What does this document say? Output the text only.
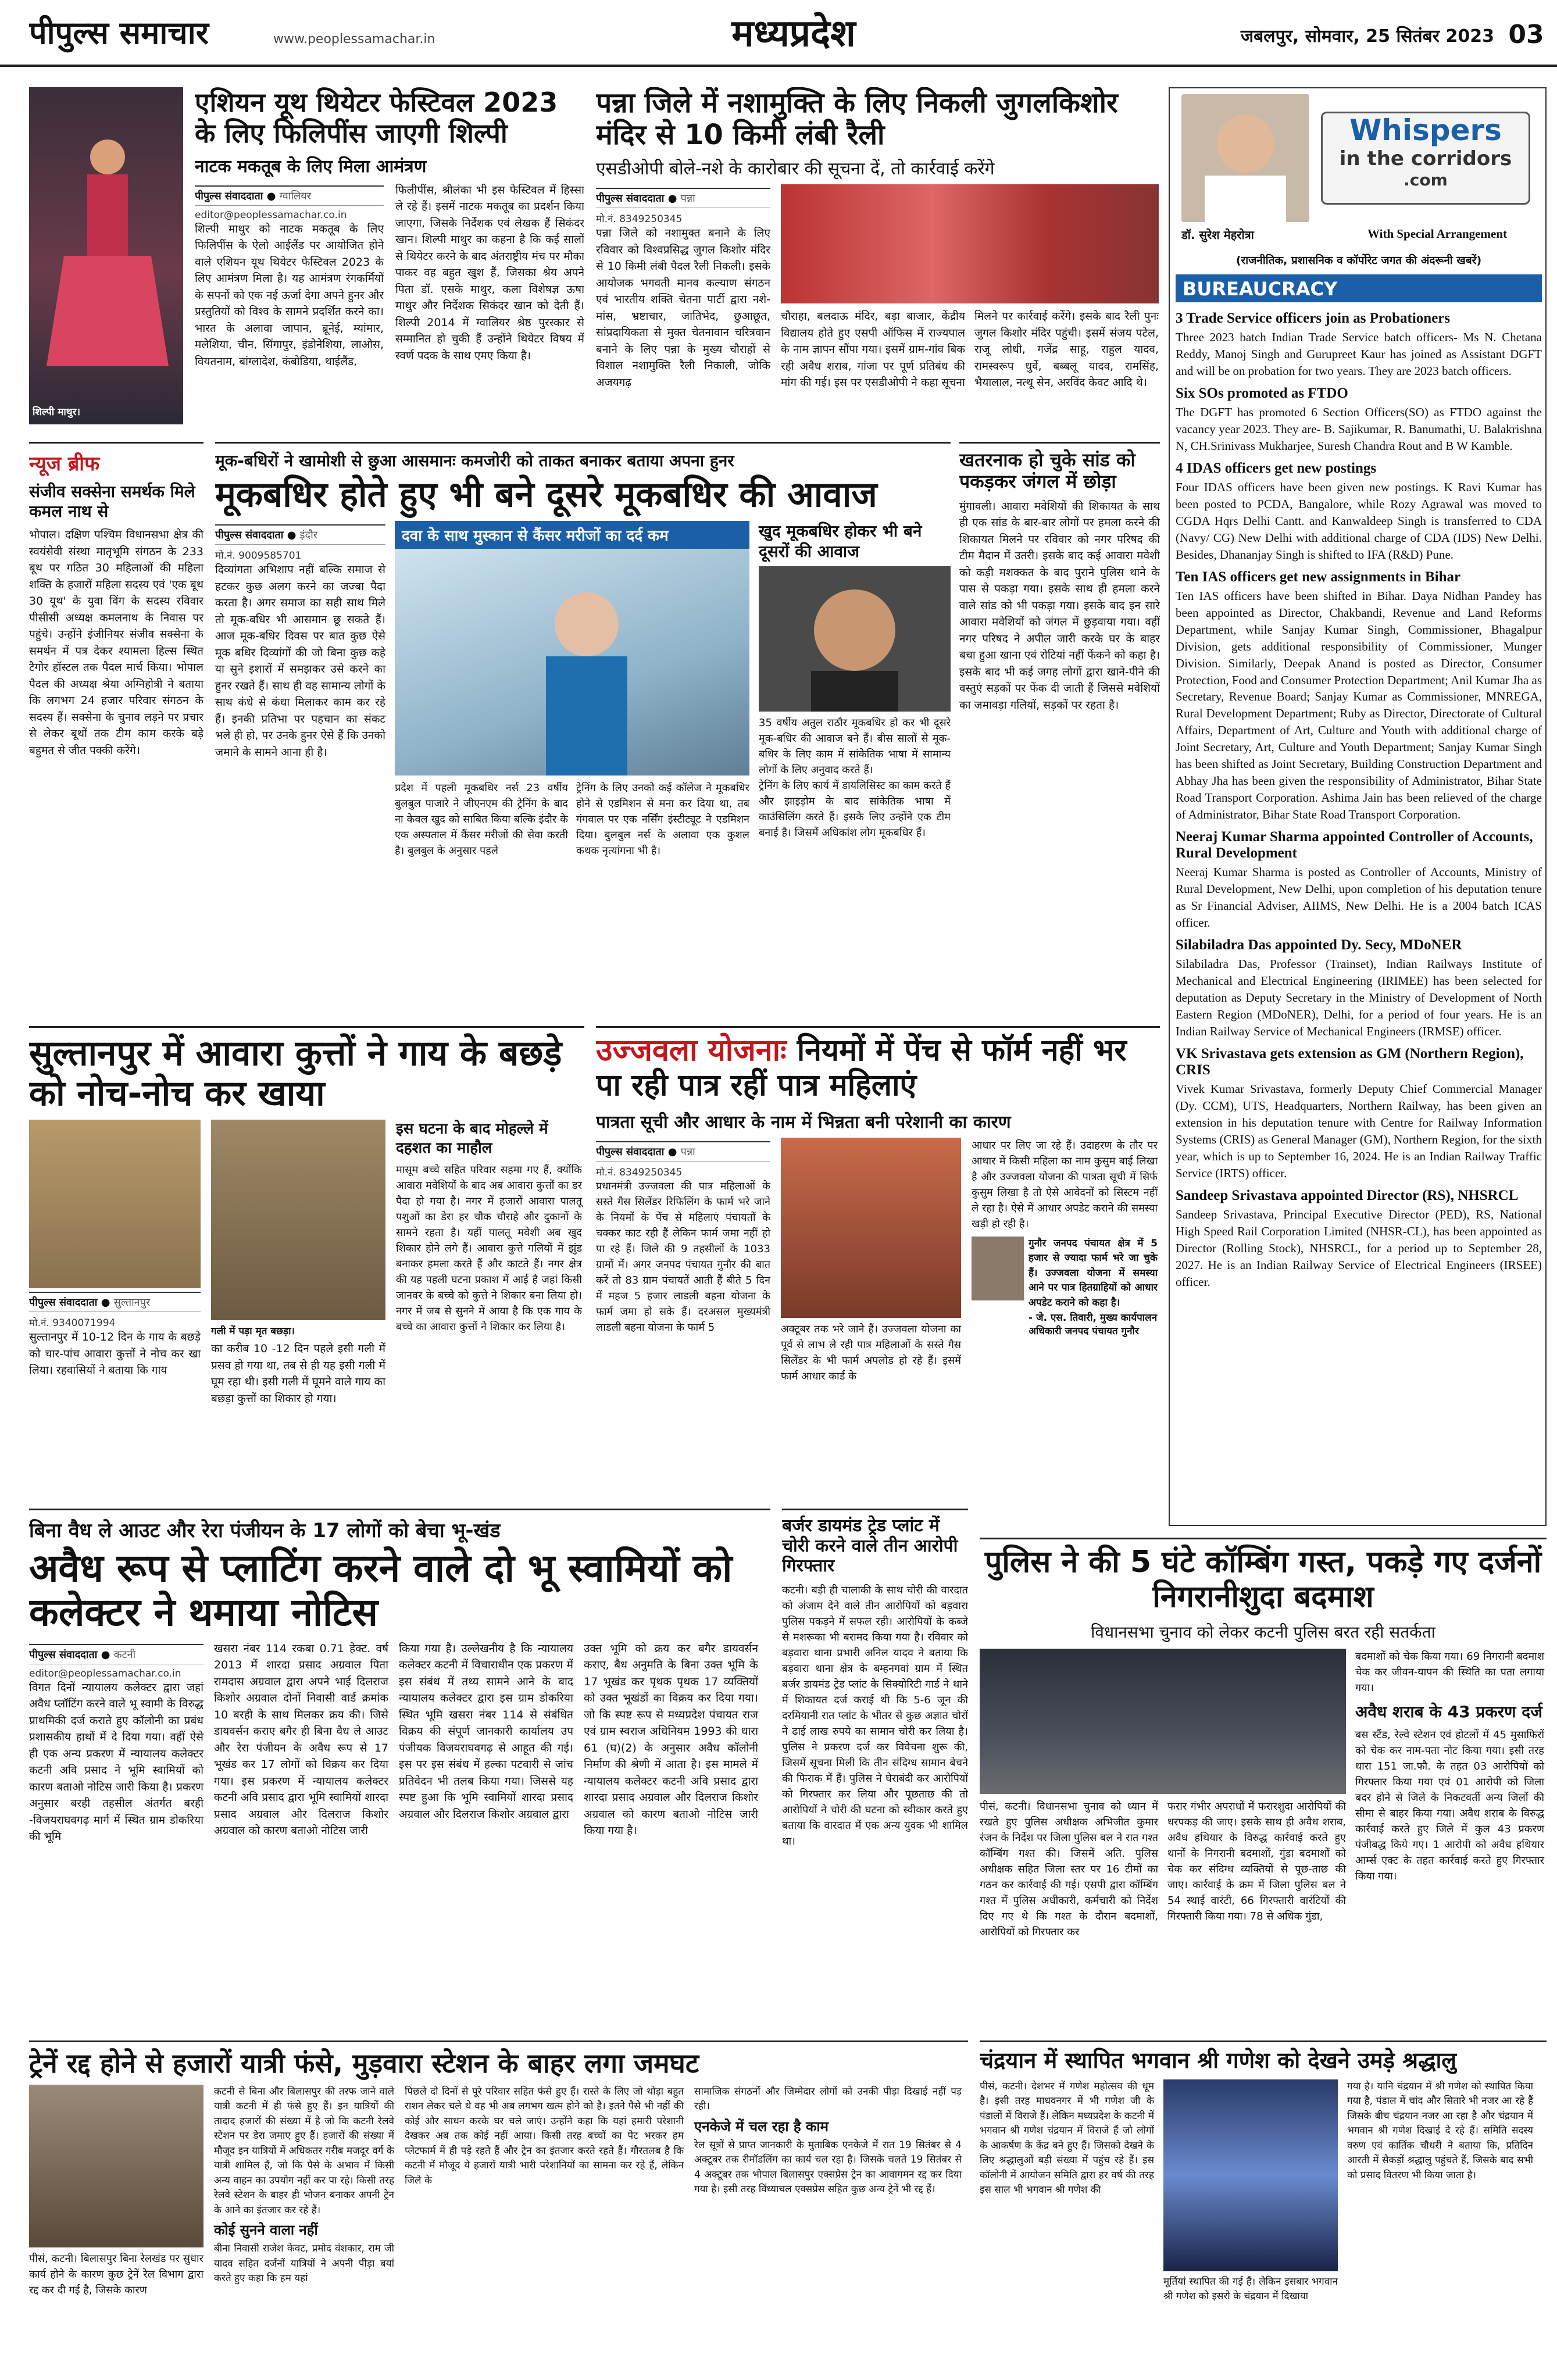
पीपुल्स समाचार	www.peoplessamachar.in	मध्यप्रदेश	जबलपुर, सोमवार, 25 सितंबर 2023 03
शिल्पी माथुर।
एशियन यूथ थियेटर फेस्टिवल 2023 के लिए फिलिपींस जाएगी शिल्पी
नाटक मकतूब के लिए मिला आमंत्रण
पीपुल्स संवाददाता ● ग्वालियर
editor@peoplessamachar.co.in

शिल्पी माथुर को नाटक मकतूब के लिए फिलिपींस के ऐलो आईलैंड पर आयोजित होने वाले एशियन यूथ थियेटर फेस्टिवल 2023 के लिए आमंत्रण मिला है। यह आमंत्रण रंगकर्मियों के सपनों को एक नई ऊर्जा देगा अपने हुनर और प्रस्तुतियों को विश्व के सामने प्रदर्शित करने का। भारत के अलावा जापान, ब्रूनेई, म्यांमार, मलेशिया, चीन, सिंगापुर, इंडोनेशिया, लाओस, वियतनाम, बांग्लादेश, कंबोडिया, थाईलैंड,

फिलीपींस, श्रीलंका भी इस फेस्टिवल में हिस्सा ले रहे हैं। इसमें नाटक मकतूब का प्रदर्शन किया जाएगा, जिसके निर्देशक एवं लेखक हैं सिकंदर खान। शिल्पी माथुर का कहना है कि कई सालों से थियेटर करने के बाद अंतराष्ट्रीय मंच पर मौका पाकर वह बहुत खुश हैं, जिसका श्रेय अपने पिता डॉ. एसके माथुर, कला विशेषज्ञ ऊषा माथुर और निर्देशक सिकंदर खान को देती हैं। शिल्पी 2014 में ग्वालियर श्रेष्ठ पुरस्कार से सम्मानित हो चुकी हैं उन्होंने थियेटर विषय में स्वर्ण पदक के साथ एमए किया है।

पन्ना जिले में नशामुक्ति के लिए निकली जुगलकिशोर मंदिर से 10 किमी लंबी रैली
एसडीओपी बोले-नशे के कारोबार की सूचना दें, तो कार्रवाई करेंगे
पीपुल्स संवाददाता ● पन्ना
मो.नं. 8349250345

पन्ना जिले को नशामुक्त बनाने के लिए रविवार को विश्वप्रसिद्ध जुगल किशोर मंदिर से 10 किमी लंबी पैदल रैली निकली। इसके आयोजक भगवती मानव कल्याण संगठन एवं भारतीय शक्ति चेतना पार्टी द्वारा नशे-मांस, भ्रष्टाचार, जातिभेद, छुआछूत, सांप्रदायिकता से मुक्त चेतनावान चरित्रवान बनाने के लिए पन्ना के मुख्य चौराहों से विशाल नशामुक्ति रैली निकाली, जोकि अजयगढ़

चौराहा, बलदाऊ मंदिर, बड़ा बाजार, केंद्रीय विद्यालय होते हुए एसपी ऑफिस में राज्यपाल के नाम ज्ञापन सौंपा गया। इसमें ग्राम-गांव बिक रही अवैध शराब, गांजा पर पूर्ण प्रतिबंध की मांग की गई। इस पर एसडीओपी ने कहा सूचना

मिलने पर कार्रवाई करेंगे। इसके बाद रैली पुनः जुगल किशोर मंदिर पहुंची। इसमें संजय पटेल, राजू लोधी, गजेंद्र साहू, राहुल यादव, रामस्वरूप धुर्वे, बब्बलू यादव, रामसिंह, भैयालाल, नत्थू सेन, अरविंद केवट आदि थे।

Whispers
in the corridors
.com
डॉ. सुरेश मेहरोत्रा	With Special Arrangement
(राजनीतिक, प्रशासनिक व कॉर्पोरेट जगत की अंदरूनी खबरें)
BUREAUCRACY
3 Trade Service officers join as Probationers

Three 2023 batch Indian Trade Service batch officers- Ms N. Chetana Reddy, Manoj Singh and Gurupreet Kaur has joined as Assistant DGFT and will be on probation for two years. They are 2023 batch officers.

Six SOs promoted as FTDO

The DGFT has promoted 6 Section Officers(SO) as FTDO against the vacancy year 2023. They are- B. Sajikumar, R. Banumathi, U. Balakrishna N, CH.Srinivass Mukharjee, Suresh Chandra Rout and B W Kamble.

4 IDAS officers get new postings

Four IDAS officers have been given new postings. K Ravi Kumar has been posted to PCDA, Bangalore, while Rozy Agrawal was moved to CGDA Hqrs Delhi Cantt. and Kanwaldeep Singh is transferred to CDA (Navy/ CG) New Delhi with additional charge of CDA (IDS) New Delhi. Besides, Dhananjay Singh is shifted to IFA (R&D) Pune.

Ten IAS officers get new assignments in Bihar

Ten IAS officers have been shifted in Bihar. Daya Nidhan Pandey has been appointed as Director, Chakbandi, Revenue and Land Reforms Department, while Sanjay Kumar Singh, Commissioner, Bhagalpur Division, gets additional responsibility of Commissioner, Munger Division. Similarly, Deepak Anand is posted as Director, Consumer Protection, Food and Consumer Protection Department; Anil Kumar Jha as Secretary, Revenue Board; Sanjay Kumar as Commissioner, MNREGA, Rural Development Department; Ruby as Director, Directorate of Cultural Affairs, Department of Art, Culture and Youth with additional charge of Joint Secretary, Art, Culture and Youth Department; Sanjay Kumar Singh has been shifted as Joint Secretary, Building Construction Department and Abhay Jha has been given the responsibility of Administrator, Bihar State Road Transport Corporation. Ashima Jain has been relieved of the charge of Administrator, Bihar State Road Transport Corporation.

Neeraj Kumar Sharma appointed Controller of Accounts, Rural Development

Neeraj Kumar Sharma is posted as Controller of Accounts, Ministry of Rural Development, New Delhi, upon completion of his deputation tenure as Sr Financial Adviser, AIIMS, New Delhi. He is a 2004 batch ICAS officer.

Silabiladra Das appointed Dy. Secy, MDoNER

Silabiladra Das, Professor (Trainset), Indian Railways Institute of Mechanical and Electrical Engineering (IRIMEE) has been selected for deputation as Deputy Secretary in the Ministry of Development of North Eastern Region (MDoNER), Delhi, for a period of four years. He is an Indian Railway Service of Mechanical Engineers (IRMSE) officer.

VK Srivastava gets extension as GM (Northern Region), CRIS

Vivek Kumar Srivastava, formerly Deputy Chief Commercial Manager (Dy. CCM), UTS, Headquarters, Northern Railway, has been given an extension in his deputation tenure with Centre for Railway Information Systems (CRIS) as General Manager (GM), Northern Region, for the sixth year, which is up to September 16, 2024. He is an Indian Railway Traffic Service (IRTS) officer.

Sandeep Srivastava appointed Director (RS), NHSRCL

Sandeep Srivastava, Principal Executive Director (PED), RS, National High Speed Rail Corporation Limited (NHSR-CL), has been appointed as Director (Rolling Stock), NHSRCL, for a period up to September 28, 2027. He is an Indian Railway Service of Electrical Engineers (IRSEE) officer.

न्यूज ब्रीफ
संजीव सक्सेना समर्थक मिले कमल नाथ से

भोपाल। दक्षिण पश्चिम विधानसभा क्षेत्र की स्वयंसेवी संस्था मातृभूमि संगठन के 233 बूथ पर गठित 30 महिलाओं की महिला शक्ति के हजारों महिला सदस्य एवं 'एक बूथ 30 यूथ' के युवा विंग के सदस्य रविवार पीसीसी अध्यक्ष कमलनाथ के निवास पर पहुंचे। उन्होंने इंजीनियर संजीव सक्सेना के समर्थन में पत्र देकर श्यामला हिल्स स्थित टैगोर हॉस्टल तक पैदल मार्च किया। भोपाल पैदल की अध्यक्ष श्रेया अग्निहोत्री ने बताया कि लगभग 24 हजार परिवार संगठन के सदस्य हैं। सक्सेना के चुनाव लड़ने पर प्रचार से लेकर बूथों तक टीम काम करके बड़े बहुमत से जीत पक्की करेंगे।

मूक-बधिरों ने खामोशी से छुआ आसमानः कमजोरी को ताकत बनाकर बताया अपना हुनर
मूकबधिर होते हुए भी बने दूसरे मूकबधिर की आवाज
पीपुल्स संवाददाता ● इंदौर
मो.नं. 9009585701

दिव्यांगता अभिशाप नहीं बल्कि समाज से हटकर कुछ अलग करने का जज्बा पैदा करता है। अगर समाज का सही साथ मिले तो मूक-बधिर भी आसमान छू सकते हैं। आज मूक-बधिर दिवस पर बात कुछ ऐसे मूक बधिर दिव्यांगों की जो बिना कुछ कहे या सुने इशारों में समझकर उसे करने का हुनर रखते हैं। साथ ही वह सामान्य लोगों के साथ कंधे से कंधा मिलाकर काम कर रहे हैं। इनकी प्रतिभा पर पहचान का संकट भले ही हो, पर उनके हुनर ऐसे हैं कि उनको जमाने के सामने आना ही है।

दवा के साथ मुस्कान से कैंसर मरीजों का दर्द कम

प्रदेश में पहली मूकबधिर नर्स 23 वर्षीय बुलबुल पाजारे ने जीएनएम की ट्रेनिंग के बाद ना केवल खुद को साबित किया बल्कि इंदौर के एक अस्पताल में कैंसर मरीजों की सेवा करती है। बुलबुल के अनुसार पहले

ट्रेनिंग के लिए उनको कई कॉलेज ने मूकबधिर होने से एडमिशन से मना कर दिया था, तब गंगवाल पर एक नर्सिंग इंस्टीट्यूट ने एडमिशन दिया। बुलबुल नर्स के अलावा एक कुशल कथक नृत्यांगना भी है।

खुद मूकबधिर होकर भी बने दूसरों की आवाज

35 वर्षीय अतुल राठौर मूकबधिर हो कर भी दूसरे मूक-बधिर की आवाज बने हैं। बीस सालों से मूक-बधिर के लिए काम में सांकेतिक भाषा में सामान्य लोगों के लिए अनुवाद करते हैं।

ट्रेनिंग के लिए कार्य में डायलिसिस्ट का काम करते हैं और झाइड़ोम के बाद सांकेतिक भाषा में काउंसिलिंग करते हैं। इसके लिए उन्होंने एक टीम बनाई है। जिसमें अधिकांश लोग मूकबधिर हैं।

खतरनाक हो चुके सांड को पकड़कर जंगल में छोड़ा

मुंगावली। आवारा मवेशियों की शिकायत के साथ ही एक सांड के बार-बार लोगों पर हमला करने की शिकायत मिलने पर रविवार को नगर परिषद की टीम मैदान में उतरी। इसके बाद कई आवारा मवेशी को कड़ी मशक्कत के बाद पुराने पुलिस थाने के पास से पकड़ा गया। इसके साथ ही हमला करने वाले सांड को भी पकड़ा गया। इसके बाद इन सारे आवारा मवेशियों को जंगल में छुड़वाया गया। वहीं नगर परिषद ने अपील जारी करके घर के बाहर बचा हुआ खाना एवं रोटियां नहीं फेंकने को कहा है। इसके बाद भी कई जगह लोगों द्वारा खाने-पीने की वस्तुएं सड़कों पर फेंक दी जाती हैं जिससे मवेशियों का जमावड़ा गलियों, सड़कों पर रहता है।

सुल्तानपुर में आवारा कुत्तों ने गाय के बछड़े को नोच-नोच कर खाया
पीपुल्स संवाददाता ● सुल्तानपुर
मो.नं. 9340071994

सुल्तानपुर में 10-12 दिन के गाय के बछड़े को चार-पांच आवारा कुत्तों ने नोच कर खा लिया। रहवासियों ने बताया कि गाय

गली में पड़ा मृत बछड़ा।

का करीब 10 -12 दिन पहले इसी गली में प्रसव हो गया था, तब से ही यह इसी गली में घूम रहा थी। इसी गली में घूमने वाले गाय का बछड़ा कुत्तों का शिकार हो गया।

इस घटना के बाद मोहल्ले में दहशत का माहौल

मासूम बच्चे सहित परिवार सहमा गए हैं, क्योंकि आवारा मवेशियों के बाद अब आवारा कुत्तों का डर पैदा हो गया है। नगर में हजारों आवारा पालतू पशुओं का डेरा हर चौक चौराहे और दुकानों के सामने रहता है। यहीं पालतू मवेशी अब खुद शिकार होने लगे हैं। आवारा कुत्ते गलियों में झुंड बनाकर हमला करते हैं और काटते हैं। नगर क्षेत्र की यह पहली घटना प्रकाश में आई है जहां किसी जानवर के बच्चे को कुत्ते ने शिकार बना लिया हो। नगर में जब से सुनने में आया है कि एक गाय के बच्चे का आवारा कुत्तों ने शिकार कर लिया है।

उज्जवला योजनाः नियमों में पेंच से फॉर्म नहीं भर पा रही पात्र रहीं पात्र महिलाएं
पात्रता सूची और आधार के नाम में भिन्नता बनी परेशानी का कारण
पीपुल्स संवाददाता ● पन्ना
मो.नं. 8349250345

प्रधानमंत्री उज्जवला की पात्र महिलाओं के सस्ते गैस सिलेंडर रिफिलिंग के फार्म भरे जाने के नियमों के पेंच से महिलाएं पंचायतों के चक्कर काट रही हैं लेकिन फार्म जमा नहीं हो पा रहे हैं। जिले की 9 तहसीलों के 1033 ग्रामों में। अगर जनपद पंचायत गुनौर की बात करें तो 83 ग्राम पंचायतें आती हैं बीते 5 दिन में महज 5 हजार लाडली बहना योजना के फार्म जमा हो सके हैं। दरअसल मुख्यमंत्री लाडली बहना योजना के फार्म 5	अक्टूबर तक भरे जाने हैं। उज्जवला योजना का पूर्व से लाभ ले रही पात्र महिलाओं के सस्ते गैस सिलेंडर के भी फार्म अपलोड हो रहे हैं। इसमें फार्म आधार कार्ड के

आधार पर लिए जा रहे हैं। उदाहरण के तौर पर आधार में किसी महिला का नाम कुसुम बाई लिखा है और उज्जवला योजना की पात्रता सूची में सिर्फ कुसुम लिखा है तो ऐसे आवेदनों को सिस्टम नहीं ले रहा है। ऐसे में आधार अपडेट कराने की समस्या खड़ी हो रही है।

गुनौर जनपद पंचायत क्षेत्र में 5 हजार से ज्यादा फार्म भरे जा चुके हैं। उज्जवला योजना में समस्या आने पर पात्र हितग्राहियों को आधार अपडेट कराने को कहा है।

- जे. एस. तिवारी, मुख्य कार्यपालन अधिकारी जनपद पंचायत गुनौर
बिना वैध ले आउट और रेरा पंजीयन के 17 लोगों को बेचा भू-खंड
अवैध रूप से प्लाटिंग करने वाले दो भू स्वामियों को कलेक्टर ने थमाया नोटिस
पीपुल्स संवाददाता ● कटनी
editor@peoplessamachar.co.in

विगत दिनों न्यायालय कलेक्टर द्वारा जहां अवैध प्लॉटिंग करने वाले भू स्वामी के विरुद्ध प्राथमिकी दर्ज कराते हुए कॉलोनी का प्रबंध प्रशासकीय हाथों में दे दिया गया। वहीं ऐसे ही एक अन्य प्रकरण में न्यायालय कलेक्टर कटनी अवि प्रसाद ने भूमि स्वामियों को कारण बताओ नोटिस जारी किया है। प्रकरण अनुसार बरही तहसील अंतर्गत बरही -विजयराघवगढ़ मार्ग में स्थित ग्राम डोकरिया की भूमि

खसरा नंबर 114 रकबा 0.71 हेक्ट. वर्ष 2013 में शारदा प्रसाद अग्रवाल पिता रामदास अग्रवाल द्वारा अपने भाई दिलराज किशोर अग्रवाल दोनों निवासी वार्ड क्रमांक 10 बरही के साथ मिलकर क्रय की। जिसे डायवर्सन कराए बगैर ही बिना वैध ले आउट और रेरा पंजीयन के अवैध रूप से 17 भूखंड कर 17 लोगों को विक्रय कर दिया गया। इस प्रकरण में न्यायालय कलेक्टर कटनी अवि प्रसाद द्वारा भूमि स्वामियों शारदा प्रसाद अग्रवाल और दिलराज किशोर अग्रवाल को कारण बताओ नोटिस जारी

किया गया है। उल्लेखनीय है कि न्यायालय कलेक्टर कटनी में विचाराधीन एक प्रकरण में इस संबंध में तथ्य सामने आने के बाद न्यायालय कलेक्टर द्वारा इस ग्राम डोकरिया स्थित भूमि खसरा नंबर 114 से संबंधित विक्रय की संपूर्ण जानकारी कार्यालय उप पंजीयक विजयराघवगढ़ से आहूत की गई। इस पर इस संबंध में हल्का पटवारी से जांच प्रतिवेदन भी तलब किया गया। जिससे यह स्पष्ट हुआ कि भूमि स्वामियों शारदा प्रसाद अग्रवाल और दिलराज किशोर अग्रवाल द्वारा

उक्त भूमि को क्रय कर बगैर डायवर्सन कराए, बैध अनुमति के बिना उक्त भूमि के 17 भूखंड कर पृथक पृथक 17 व्यक्तियों को उक्त भूखंडों का विक्रय कर दिया गया। जो कि स्पष्ट रूप से मध्यप्रदेश पंचायत राज एवं ग्राम स्वराज अधिनियम 1993 की धारा 61 (घ)(2) के अनुसार अवैध कॉलोनी निर्माण की श्रेणी में आता है। इस मामले में न्यायालय कलेक्टर कटनी अवि प्रसाद द्वारा शारदा प्रसाद अग्रवाल और दिलराज किशोर अग्रवाल को कारण बताओ नोटिस जारी किया गया है।

बर्जर डायमंड ट्रेड प्लांट में चोरी करने वाले तीन आरोपी गिरफ्तार

कटनी। बड़ी ही चालाकी के साथ चोरी की वारदात को अंजाम देने वाले तीन आरोपियों को बड़वारा पुलिस पकड़ने में सफल रही। आरोपियों के कब्जे से मशरूका भी बरामद किया गया है। रविवार को बड़वारा थाना प्रभारी अनिल यादव ने बताया कि बड़वारा थाना क्षेत्र के बम्हनगवां ग्राम में स्थित बर्जर डायमंड ट्रेड प्लांट के सिक्योरिटी गार्ड ने थाने में शिकायत दर्ज कराई थी कि 5-6 जून की दरमियानी रात प्लांट के भीतर से कुछ अज्ञात चोरों ने ढाई लाख रुपये का सामान चोरी कर लिया है। पुलिस ने प्रकरण दर्ज कर विवेचना शुरू की, जिसमें सूचना मिली कि तीन संदिग्ध सामान बेचने की फिराक में हैं। पुलिस ने घेराबंदी कर आरोपियों को गिरफ्तार कर लिया और पूछताछ की तो आरोपियों ने चोरी की घटना को स्वीकार करते हुए बताया कि वारदात में एक अन्य युवक भी शामिल था।

पुलिस ने की 5 घंटे कॉम्बिंग गस्त, पकड़े गए दर्जनों निगरानीशुदा बदमाश
विधानसभा चुनाव को लेकर कटनी पुलिस बरत रही सतर्कता

पीसं, कटनी। विधानसभा चुनाव को ध्यान में रखते हुए पुलिस अधीक्षक अभिजीत कुमार रंजन के निर्देश पर जिला पुलिस बल ने रात गश्त कॉम्बिंग गश्त की। जिसमें अति. पुलिस अधीक्षक सहित जिला स्तर पर 16 टीमों का गठन कर कार्रवाई की गई। एसपी द्वारा कॉम्बिंग गश्त में पुलिस अधीकारी, कर्मचारी को निर्देश दिए गए थे कि गश्त के दौरान बदमाशों, आरोपियों को गिरफ्तार कर

फरार गंभीर अपराधों में फरारशुदा आरोपियों की धरपकड़ की जाए। इसके साथ ही अवैध शराब, अवैध हथियार के विरुद्ध कार्रवाई करते हुए थानों के निगरानी बदमाशों, गुंडा बदमाशों को चेक कर संदिग्ध व्यक्तियों से पूछ-ताछ की जाए। कार्रवाई के क्रम में जिला पुलिस बल ने 54 स्थाई वारंटी, 66 गिरफ्तारी वारंटियों की गिरफ्तारी किया गया। 78 से अधिक गुंडा,

बदमाशों को चेक किया गया। 69 निगरानी बदमाश चेक कर जीवन-यापन की स्थिति का पता लगाया गया।

अवैध शराब के 43 प्रकरण दर्ज

बस स्टैंड, रेल्वे स्टेशन एवं होटलों में 45 मुसाफिरों को चेक कर नाम-पता नोट किया गया। इसी तरह धारा 151 जा.फौ. के तहत 03 आरोपियों को गिरफ्तार किया गया एवं 01 आरोपी को जिला बदर होने से जिले के निकटवर्ती अन्य जिलों की सीमा से बाहर किया गया। अवैध शराब के विरुद्ध कार्रवाई करते हुए जिले में कुल 43 प्रकरण पंजीबद्ध किये गए। 1 आरोपी को अवैध हथियार आर्म्स एक्ट के तहत कार्रवाई करते हुए गिरफ्तार किया गया।

ट्रेनें रद्द होने से हजारों यात्री फंसे, मुड़वारा स्टेशन के बाहर लगा जमघट

पीसं, कटनी। बिलासपुर बिना रेलखंड पर सुधार कार्य होने के कारण कुछ ट्रेनें रेल विभाग द्वारा रद्द कर दी गई है, जिसके कारण

कटनी से बिना और बिलासपुर की तरफ जाने वाले यात्री कटनी में ही फंसे हुए हैं। इन यात्रियों की तादाद हजारों की संख्या में है जो कि कटनी रेलवे स्टेशन पर डेरा जमाए हुए हैं। हजारों की संख्या में मौजूद इन यात्रियों में अधिकतर गरीब मजदूर वर्ग के यात्री शामिल हैं, जो कि पैसे के अभाव में किसी अन्य वाहन का उपयोग नहीं कर पा रहे। किसी तरह रेलवे स्टेशन के बाहर ही भोजन बनाकर अपनी ट्रेन के आने का इंतजार कर रहे हैं।

कोई सुनने वाला नहीं

बीना निवासी राजेश केवट, प्रमोद वंशकार, राम जी यादव सहित दर्जनों यात्रियों ने अपनी पीड़ा बयां करते हुए कहा कि हम यहां

पिछले दो दिनों से पूरे परिवार सहित फंसे हुए हैं। रास्ते के लिए जो थोड़ा बहुत राशन लेकर चले थे वह भी अब लगभग खत्म होने को है। इतने पैसे भी नहीं की कोई और साधन करके घर चले जाएं। उन्होंने कहा कि यहां हमारी परेशानी देखकर अब तक कोई नहीं आया। किसी तरह बच्चों का पेट भरकर हम प्लेटफार्म में ही पड़े रहते हैं और ट्रेन का इंतजार करते रहते हैं। गौरतलब है कि कटनी में मौजूद ये हजारों यात्री भारी परेशानियों का सामना कर रहे हैं, लेकिन जिले के

सामाजिक संगठनों और जिम्मेदार लोगों को उनकी पीड़ा दिखाई नहीं पड़ रही।

एनकेजे में चल रहा है काम

रेल सूत्रों से प्राप्त जानकारी के मुताबिक एनकेजे में रात 19 सितंबर से 4 अक्टूबर तक रीमॉडलिंग का कार्य चल रहा है। जिसके चलते 19 सितंबर से 4 अक्टूबर तक भोपाल बिलासपुर एक्सप्रेस ट्रेन का आवागमन रद्द कर दिया गया है। इसी तरह विंध्याचल एक्सप्रेस सहित कुछ अन्य ट्रेनें भी रद्द हैं।

चंद्रयान में स्थापित भगवान श्री गणेश को देखने उमड़े श्रद्धालु

पीसं, कटनी। देशभर में गणेश महोत्सव की धूम है। इसी तरह माधवनगर में भी गणेश जी के पंडालों में विराजे हैं। लेकिन मध्यप्रदेश के कटनी में भगवान श्री गणेश चंद्रयान में विराजे हैं जो लोगों के आकर्षण के केंद्र बने हुए हैं। जिसको देखने के लिए श्रद्धालुओं बड़ी संख्या में पहुंच रहे हैं। इस कॉलोनी में आयोजन समिति द्वारा हर वर्ष की तरह इस साल भी भगवान श्री गणेश की

मूर्तियां स्थापित की गई हैं। लेकिन इसबार भगवान श्री गणेश को इसरो के चंद्रयान में दिखाया

गया है। यानि चंद्रयान में श्री गणेश को स्थापित किया गया है, पंडाल में चांद और सितारे भी नजर आ रहे हैं जिसके बीच चंद्रयान नजर आ रहा है और चंद्रयान में भगवान श्री गणेश दिखाई दे रहे हैं। समिति सदस्य वरुण एवं कार्तिक चौधरी ने बताया कि, प्रतिदिन आरती में सैकड़ों श्रद्धालु पहुंचते हैं, जिसके बाद सभी को प्रसाद वितरण भी किया जाता है।
